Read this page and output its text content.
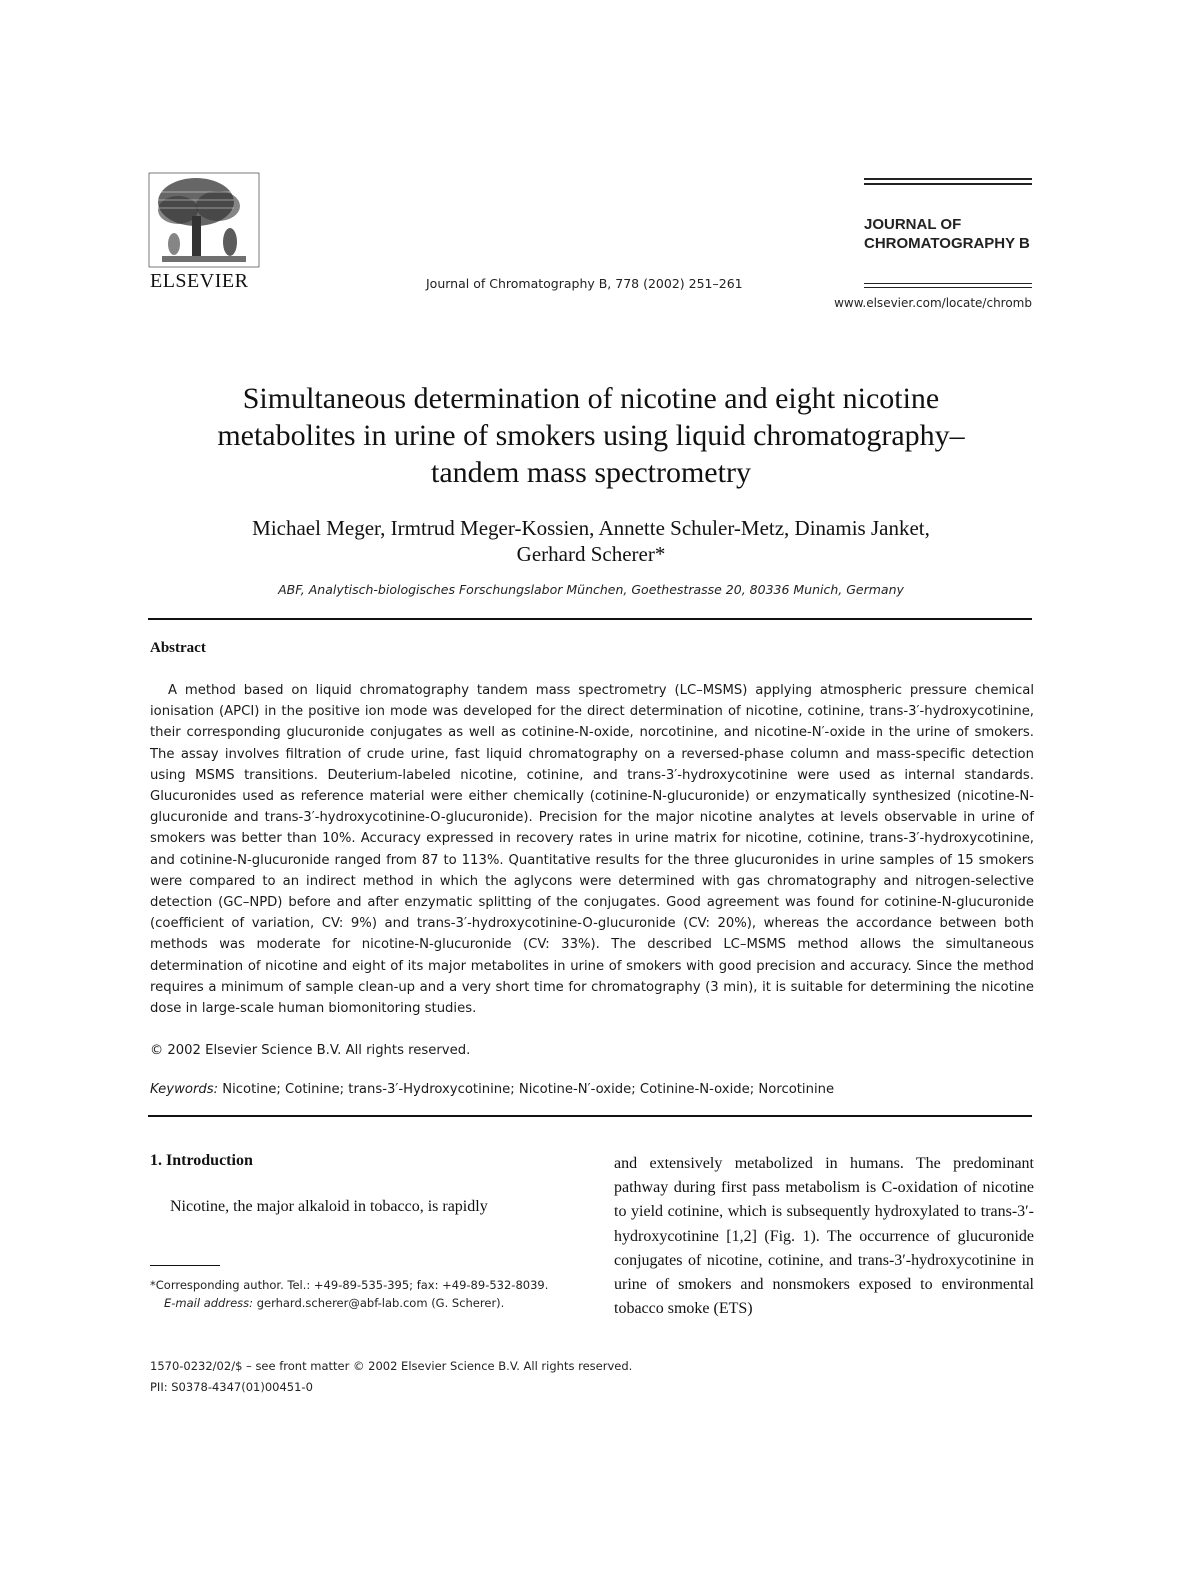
ELSEVIER	Journal of Chromatography B, 778 (2002) 251–261
JOURNAL OF
CHROMATOGRAPHY B
www.elsevier.com/locate/chromb
Simultaneous determination of nicotine and eight nicotine
metabolites in urine of smokers using liquid chromatography–
tandem mass spectrometry
Michael Meger, Irmtrud Meger-Kossien, Annette Schuler-Metz, Dinamis Janket,
Gerhard Scherer*
ABF, Analytisch-biologisches Forschungslabor München, Goethestrasse 20, 80336 Munich, Germany
Abstract

A method based on liquid chromatography tandem mass spectrometry (LC–MSMS) applying atmospheric pressure chemical ionisation (APCI) in the positive ion mode was developed for the direct determination of nicotine, cotinine, trans-3′-hydroxycotinine, their corresponding glucuronide conjugates as well as cotinine-N-oxide, norcotinine, and nicotine-N′-oxide in the urine of smokers. The assay involves filtration of crude urine, fast liquid chromatography on a reversed-phase column and mass-specific detection using MSMS transitions. Deuterium-labeled nicotine, cotinine, and trans-3′-hydroxycotinine were used as internal standards. Glucuronides used as reference material were either chemically (cotinine-N-glucuronide) or enzymatically synthesized (nicotine-N-glucuronide and trans-3′-hydroxycotinine-O-glucuronide). Precision for the major nicotine analytes at levels observable in urine of smokers was better than 10%. Accuracy expressed in recovery rates in urine matrix for nicotine, cotinine, trans-3′-hydroxycotinine, and cotinine-N-glucuronide ranged from 87 to 113%. Quantitative results for the three glucuronides in urine samples of 15 smokers were compared to an indirect method in which the aglycons were determined with gas chromatography and nitrogen-selective detection (GC–NPD) before and after enzymatic splitting of the conjugates. Good agreement was found for cotinine-N-glucuronide (coefficient of variation, CV: 9%) and trans-3′-hydroxycotinine-O-glucuronide (CV: 20%), whereas the accordance between both methods was moderate for nicotine-N-glucuronide (CV: 33%). The described LC–MSMS method allows the simultaneous determination of nicotine and eight of its major metabolites in urine of smokers with good precision and accuracy. Since the method requires a minimum of sample clean-up and a very short time for chromatography (3 min), it is suitable for determining the nicotine dose in large-scale human biomonitoring studies.

© 2002 Elsevier Science B.V. All rights reserved.
Keywords: Nicotine; Cotinine; trans-3′-Hydroxycotinine; Nicotine-N′-oxide; Cotinine-N-oxide; Norcotinine
1. Introduction
Nicotine, the major alkaloid in tobacco, is rapidly
*Corresponding author. Tel.: +49-89-535-395; fax: +49-89-532-8039.
E-mail address: gerhard.scherer@abf-lab.com (G. Scherer).
and extensively metabolized in humans. The predominant pathway during first pass metabolism is C-oxidation of nicotine to yield cotinine, which is subsequently hydroxylated to trans-3′-hydroxycotinine [1,2] (Fig. 1). The occurrence of glucuronide conjugates of nicotine, cotinine, and trans-3′-hydroxycotinine in urine of smokers and nonsmokers exposed to environmental tobacco smoke (ETS)
1570-0232/02/$ – see front matter © 2002 Elsevier Science B.V. All rights reserved.
PII: S0378-4347(01)00451-0
